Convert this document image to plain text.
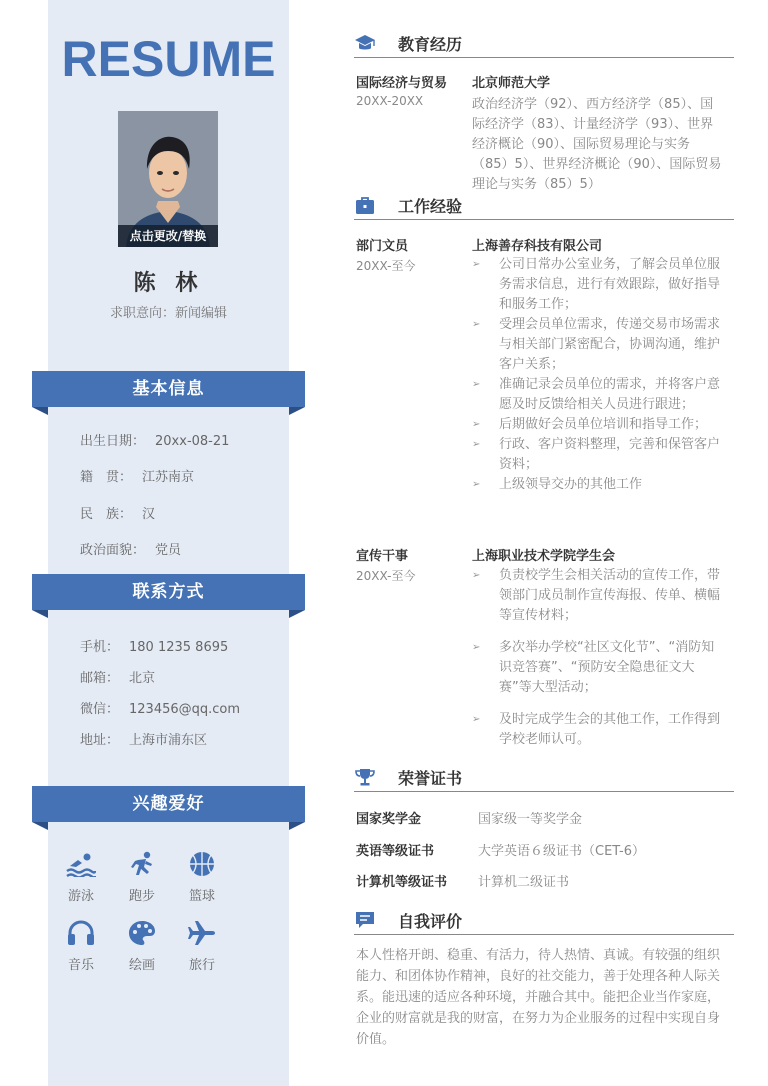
RESUME
点击更改/替换
陈 林
求职意向：新闻编辑
基本信息
出生日期： 20xx-08-21
籍　贯： 江苏南京
民　族： 汉
政治面貌： 党员
联系方式
手机： 180 1235 8695
邮箱： 北京
微信： 123456@qq.com
地址： 上海市浦东区
兴趣爱好
游泳	跑步	篮球
音乐	绘画	旅行
教育经历
国际经济与贸易
20XX-20XX
北京师范大学
政治经济学（92）、西方经济学（85）、国际经济学（83）、计量经济学（93）、世界经济概论（90）、国际贸易理论与实务（85）5）、世界经济概论（90）、国际贸易理论与实务（85）5）
工作经验
部门文员
20XX-至今
上海善存科技有限公司
➢ 公司日常办公室业务，了解会员单位服务需求信息，进行有效跟踪，做好指导和服务工作；
➢ 受理会员单位需求，传递交易市场需求与相关部门紧密配合，协调沟通，维护客户关系；
➢ 准确记录会员单位的需求，并将客户意愿及时反馈给相关人员进行跟进；
➢ 后期做好会员单位培训和指导工作；
➢ 行政、客户资料整理，完善和保管客户资料；
➢ 上级领导交办的其他工作
宣传干事
20XX-至今
上海职业技术学院学生会
➢ 负责校学生会相关活动的宣传工作，带领部门成员制作宣传海报、传单、横幅等宣传材料；
➢ 多次举办学校“社区文化节”、“消防知识竞答赛”、“预防安全隐患征文大赛”等大型活动；
➢ 及时完成学生会的其他工作，工作得到学校老师认可。
荣誉证书
国家奖学金	国家级一等奖学金
英语等级证书	大学英语６级证书（CET-6）
计算机等级证书 计算机二级证书
自我评价
本人性格开朗、稳重、有活力，待人热情、真诚。有较强的组织能力、和团体协作精神，良好的社交能力，善于处理各种人际关系。能迅速的适应各种环境，并融合其中。能把企业当作家庭，企业的财富就是我的财富，在努力为企业服务的过程中实现自身价值。
